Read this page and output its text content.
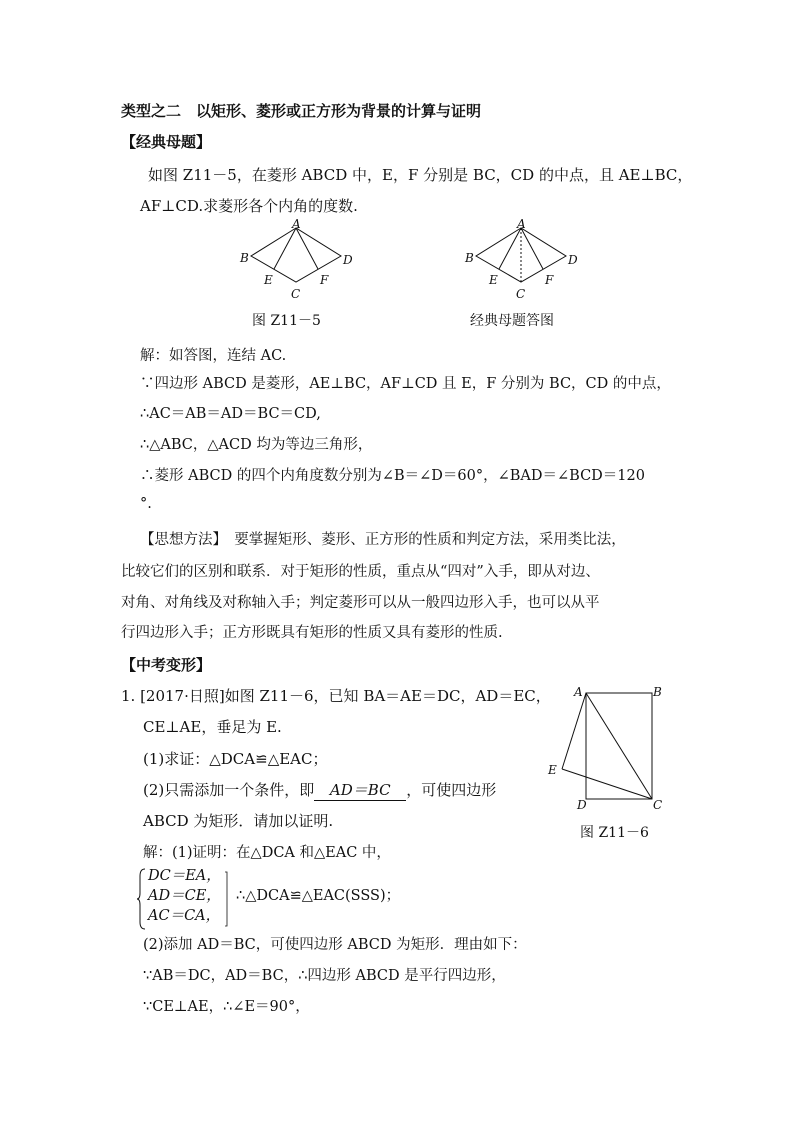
类型之二　以矩形、菱形或正方形为背景的计算与证明
【经典母题】
如图 Z11－5，在菱形 ABCD 中，E，F 分别是 BC，CD 的中点，且 AE⊥BC，
AF⊥CD.求菱形各个内角的度数.
A
B
C
D
E	F
图 Z11－5
A
B
C
D
E	F
经典母题答图
解：如答图，连结 AC.
∵四边形 ABCD 是菱形，AE⊥BC，AF⊥CD 且 E，F 分别为 BC，CD 的中点，
∴AC＝AB＝AD＝BC＝CD,
∴△ABC，△ACD 均为等边三角形，
∴菱形 ABCD 的四个内角度数分别为∠B＝∠D＝60°，∠BAD＝∠BCD＝120
°.
【思想方法】　要掌握矩形、菱形、正方形的性质和判定方法，采用类比法，
比较它们的区别和联系．对于矩形的性质，重点从“四对”入手，即从对边、
对角、对角线及对称轴入手；判定菱形可以从一般四边形入手，也可以从平
行四边形入手；正方形既具有矩形的性质又具有菱形的性质.
【中考变形】
1. [2017·日照]如图 Z11－6，已知 BA＝AE＝DC，AD＝EC，
CE⊥AE，垂足为 E.
(1)求证：△DCA≌△EAC；
(2)只需添加一个条件，即 AD＝BC ，可使四边形
ABCD 为矩形．请加以证明.
A	B
C
D
E
图 Z11－6
解：(1)证明：在△DCA 和△EAC 中，
DC＝EA，
AD＝CE，
AC＝CA，
∴△DCA≌△EAC(SSS)；
(2)添加 AD＝BC，可使四边形 ABCD 为矩形．理由如下：
∵AB＝DC，AD＝BC，∴四边形 ABCD 是平行四边形，
∵CE⊥AE，∴∠E＝90°，
